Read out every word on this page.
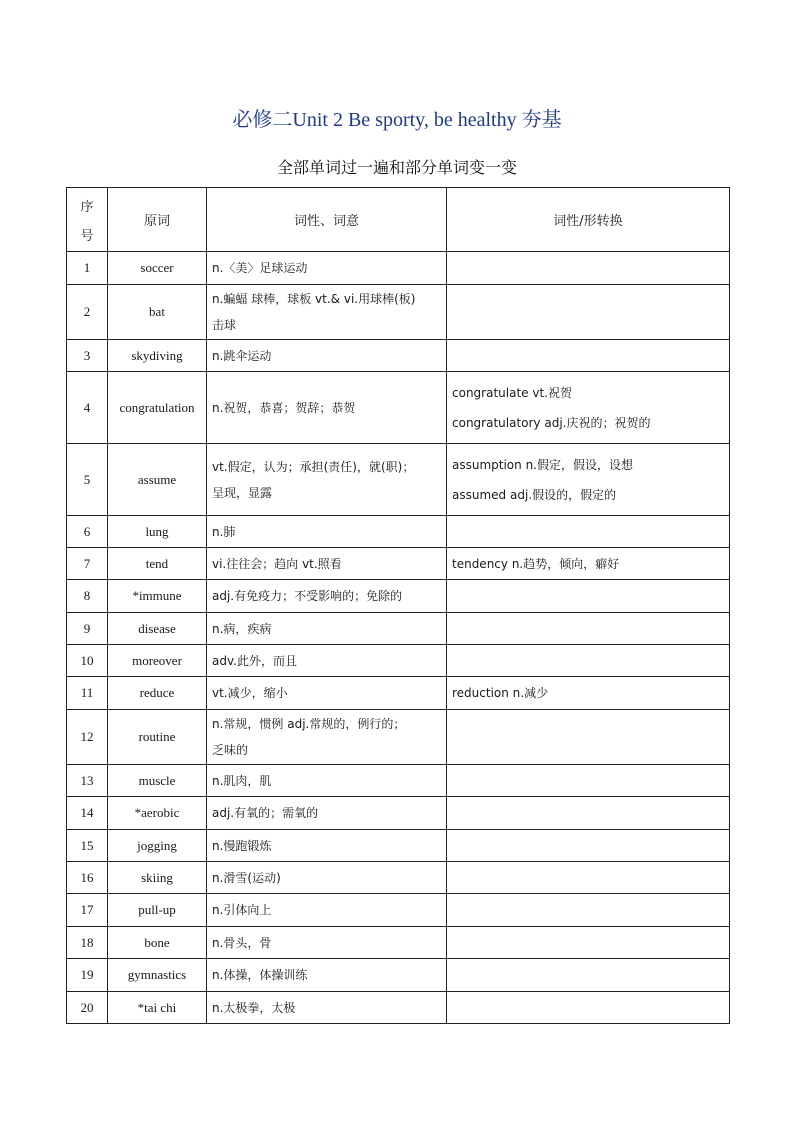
必修二Unit 2 Be sporty, be healthy 夯基
全部单词过一遍和部分单词变一变
序
号	原词	词性、词意	词性/形转换
1	soccer	n.〈美〉足球运动	

2	bat	n.蝙蝠 球棒，球板 vt.& vi.用球棒(板)
击球	

3	skydiving	n.跳伞运动	

4	congratulation	n.祝贺，恭喜；贺辞；恭贺	congratulate vt.祝贺
congratulatory adj.庆祝的；祝贺的

5	assume	vt.假定，认为；承担(责任)，就(职)；
呈现，显露	assumption n.假定，假设，设想
assumed adj.假设的，假定的

6	lung	n.肺	

7	tend	vi.往往会；趋向 vt.照看	tendency n.趋势，倾向，癖好

8	*immune	adj.有免疫力；不受影响的；免除的	

9	disease	n.病，疾病	

10	moreover	adv.此外，而且	

11	reduce	vt.减少，缩小	reduction n.减少

12	routine	n.常规，惯例 adj.常规的，例行的；
乏味的	

13	muscle	n.肌肉，肌	

14	*aerobic	adj.有氧的；需氧的	

15	jogging	n.慢跑锻炼	

16	skiing	n.滑雪(运动)	

17	pull-up	n.引体向上	

18	bone	n.骨头，骨	

19	gymnastics	n.体操，体操训练	

20	*tai chi	n.太极拳，太极	
